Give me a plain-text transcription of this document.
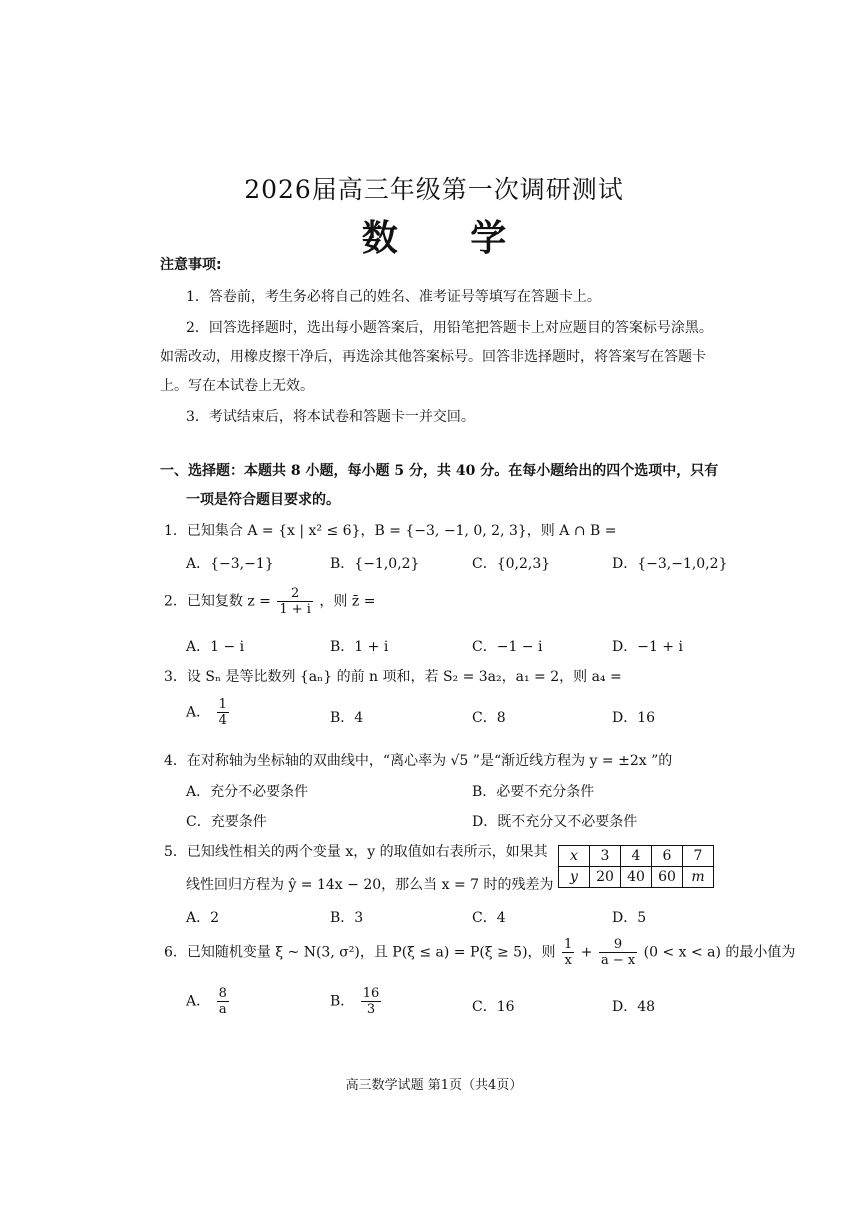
2026届高三年级第一次调研测试
数 学
注意事项:
1．答卷前，考生务必将自己的姓名、准考证号等填写在答题卡上。
2．回答选择题时，选出每小题答案后，用铅笔把答题卡上对应题目的答案标号涂黑。
如需改动，用橡皮擦干净后，再选涂其他答案标号。回答非选择题时，将答案写在答题卡
上。写在本试卷上无效。
3．考试结束后，将本试卷和答题卡一并交回。
一、选择题：本题共 8 小题，每小题 5 分，共 40 分。在每小题给出的四个选项中，只有
一项是符合题目要求的。
1．已知集合 A = {x | x² ≤ 6}，B = {−3, −1, 0, 2, 3}，则 A ∩ B =
A．{−3,−1}	B．{−1,0,2}	C．{0,2,3}	D．{−3,−1,0,2}
2．已知复数 $z = \frac{2}{1 + i}$ ，则 z̄ =
A．1 − i	B．1 + i	C．−1 − i	D．−1 + i
3．设 Sₙ 是等比数列 {aₙ} 的前 n 项和，若 S₂ = 3a₂，a₁ = 2，则 a₄ =
A． $\frac{1}{4}$	B．4	C．8	D．16
4．在对称轴为坐标轴的双曲线中，“离心率为 √5 ”是“渐近线方程为 y = ±2x ”的
A．充分不必要条件	B．必要不充分条件
C．充要条件	D．既不充分又不必要条件
5．已知线性相关的两个变量 x，y 的取值如右表所示，如果其
线性回归方程为 ŷ = 14x − 20，那么当 x = 7 时的残差为
x	3	4	6	7
y	20	40	60	m
A．2	B．3	C．4	D．5
6．已知随机变量 ξ ~ N(3, σ²)，且 P(ξ ≤ a) = P(ξ ≥ 5)，则 $\frac{1}{x} + \frac{9}{a - x} (0 < x < a)$ 的最小值为
A． $\frac{8}{a}$	B． $\frac{16}{3}$	C．16	D．48
高三数学试题 第1页（共4页）
